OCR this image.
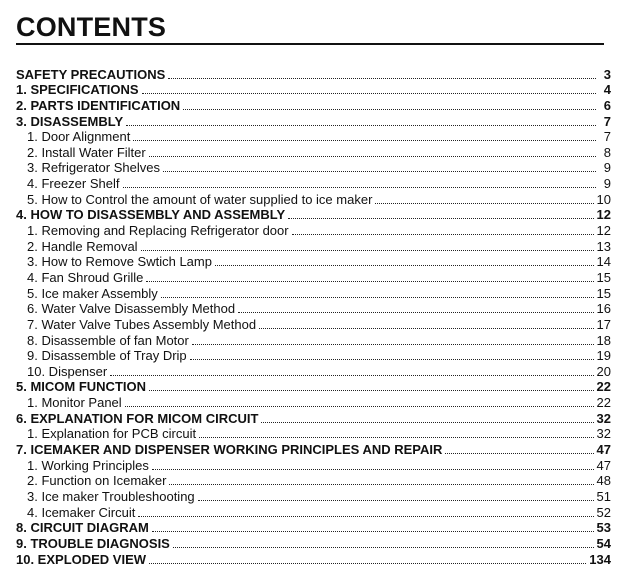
CONTENTS
SAFETY PRECAUTIONS	3
1. SPECIFICATIONS	4
2. PARTS IDENTIFICATION	6
3. DISASSEMBLY	7
1. Door Alignment	7
2. Install Water Filter	8
3. Refrigerator Shelves	9
4. Freezer Shelf	9
5. How to Control the amount of water supplied to ice maker	10
4. HOW TO DISASSEMBLY AND ASSEMBLY	12
1. Removing and Replacing Refrigerator door	12
2. Handle Removal	13
3. How to Remove Swtich Lamp	14
4. Fan Shroud Grille	15
5. Ice maker Assembly	15
6. Water Valve Disassembly Method	16
7. Water Valve Tubes Assembly Method	17
8. Disassemble of fan Motor	18
9. Disassemble of Tray Drip	19
10. Dispenser	20
5. MICOM FUNCTION	22
1. Monitor Panel	22
6. EXPLANATION FOR MICOM CIRCUIT	32
1. Explanation for PCB circuit	32
7. ICEMAKER AND DISPENSER WORKING PRINCIPLES AND REPAIR	47
1. Working Principles	47
2. Function on Icemaker	48
3. Ice maker Troubleshooting	51
4. Icemaker Circuit	52
8. CIRCUIT DIAGRAM	53
9. TROUBLE DIAGNOSIS	54
10. EXPLODED VIEW	134
